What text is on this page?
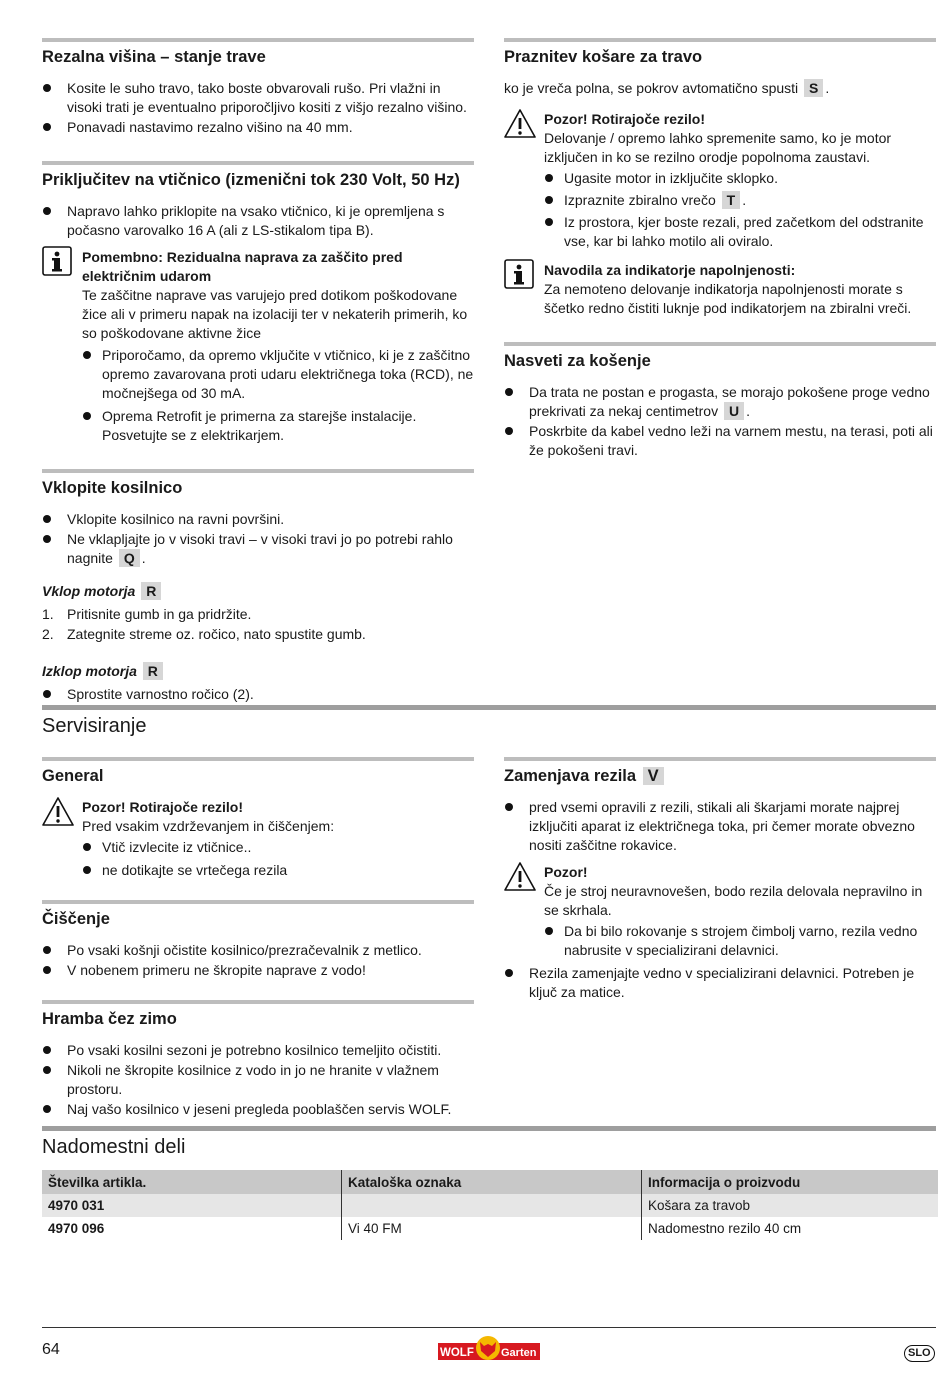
Rezalna višina – stanje trave
Kosite le suho travo, tako boste obvarovali rušo. Pri vlažni in visoki trati je eventualno priporočljivo kositi z višjo rezalno višino.
Ponavadi nastavimo rezalno višino na 40 mm.
Priključitev na vtičnico (izmenični tok 230 Volt, 50 Hz)
Napravo lahko priklopite na vsako vtičnico, ki je opremljena s počasno varovalko 16 A (ali z LS-stikalom tipa B).
Pomembno: Rezidualna naprava za zaščito pred električnim udarom
Te zaščitne naprave vas varujejo pred dotikom poškodovane žice ali v primeru napak na izolaciji ter v nekaterih primerih, ko so poškodovane aktivne žice
Priporočamo, da opremo vključite v vtičnico, ki je z zaščitno opremo zavarovana proti udaru električnega toka (RCD), ne močnejšega od 30 mA.
Oprema Retrofit je primerna za starejše instalacije. Posvetujte se z elektrikarjem.
Vklopite kosilnico
Vklopite kosilnico na ravni površini.
Ne vklapljajte jo v visoki travi – v visoki travi jo po potrebi rahlo nagnite Q .
Vklop motorja R
1. Pritisnite gumb in ga pridržite.
2. Zategnite streme oz. ročico, nato spustite gumb.
Izklop motorja R
Sprostite varnostno ročico (2).
Praznitev košare za travo
ko je vreča polna, se pokrov avtomatično spusti S .
Pozor! Rotirajoče rezilo!
Delovanje / opremo lahko spremenite samo, ko je motor izključen in ko se rezilno orodje popolnoma zaustavi.
Ugasite motor in izključite sklopko.
Izpraznite zbiralno vrečo T .
Iz prostora, kjer boste rezali, pred začetkom del odstranite vse, kar bi lahko motilo ali oviralo.
Navodila za indikatorje napolnjenosti:
Za nemoteno delovanje indikatorja napolnjenosti morate s ščetko redno čistiti luknje pod indikatorjem na zbiralni vreči.
Nasveti za košenje
Da trata ne postan e progasta, se morajo pokošene proge vedno prekrivati za nekaj centimetrov U .
Poskrbite da kabel vedno leži na varnem mestu, na terasi, poti ali že pokošeni travi.
Servisiranje
General
Pozor! Rotirajoče rezilo!
Pred vsakim vzdrževanjem in čiščenjem:
Vtič izvlecite iz vtičnice..
ne dotikajte se vrtečega rezila
Čiščenje
Po vsaki košnji očistite kosilnico/prezračevalnik z metlico.
V nobenem primeru ne škropite naprave z vodo!
Hramba čez zimo
Po vsaki kosilni sezoni je potrebno kosilnico temeljito očistiti.
Nikoli ne škropite kosilnice z vodo in jo ne hranite v vlažnem prostoru.
Naj vašo kosilnico v jeseni pregleda pooblaščen servis WOLF.
Zamenjava rezila V
pred vsemi opravili z rezili, stikali ali škarjami morate najprej izključiti aparat iz električnega toka, pri čemer morate obvezno nositi zaščitne rokavice.
Pozor!
Če je stroj neuravnovešen, bodo rezila delovala nepravilno in se skrhala.
Da bi bilo rokovanje s strojem čimbolj varno, rezila vedno nabrusite v specializirani delavnici.
Rezila zamenjajte vedno v specializirani delavnici. Potreben je ključ za matice.
Nadomestni deli
Številka artikla.	Kataloška oznaka	Informacija o proizvodu
4970 031		Košara za travob
4970 096	Vi 40 FM	Nadomestno rezilo 40 cm
64	WOLF Garten	SLO
